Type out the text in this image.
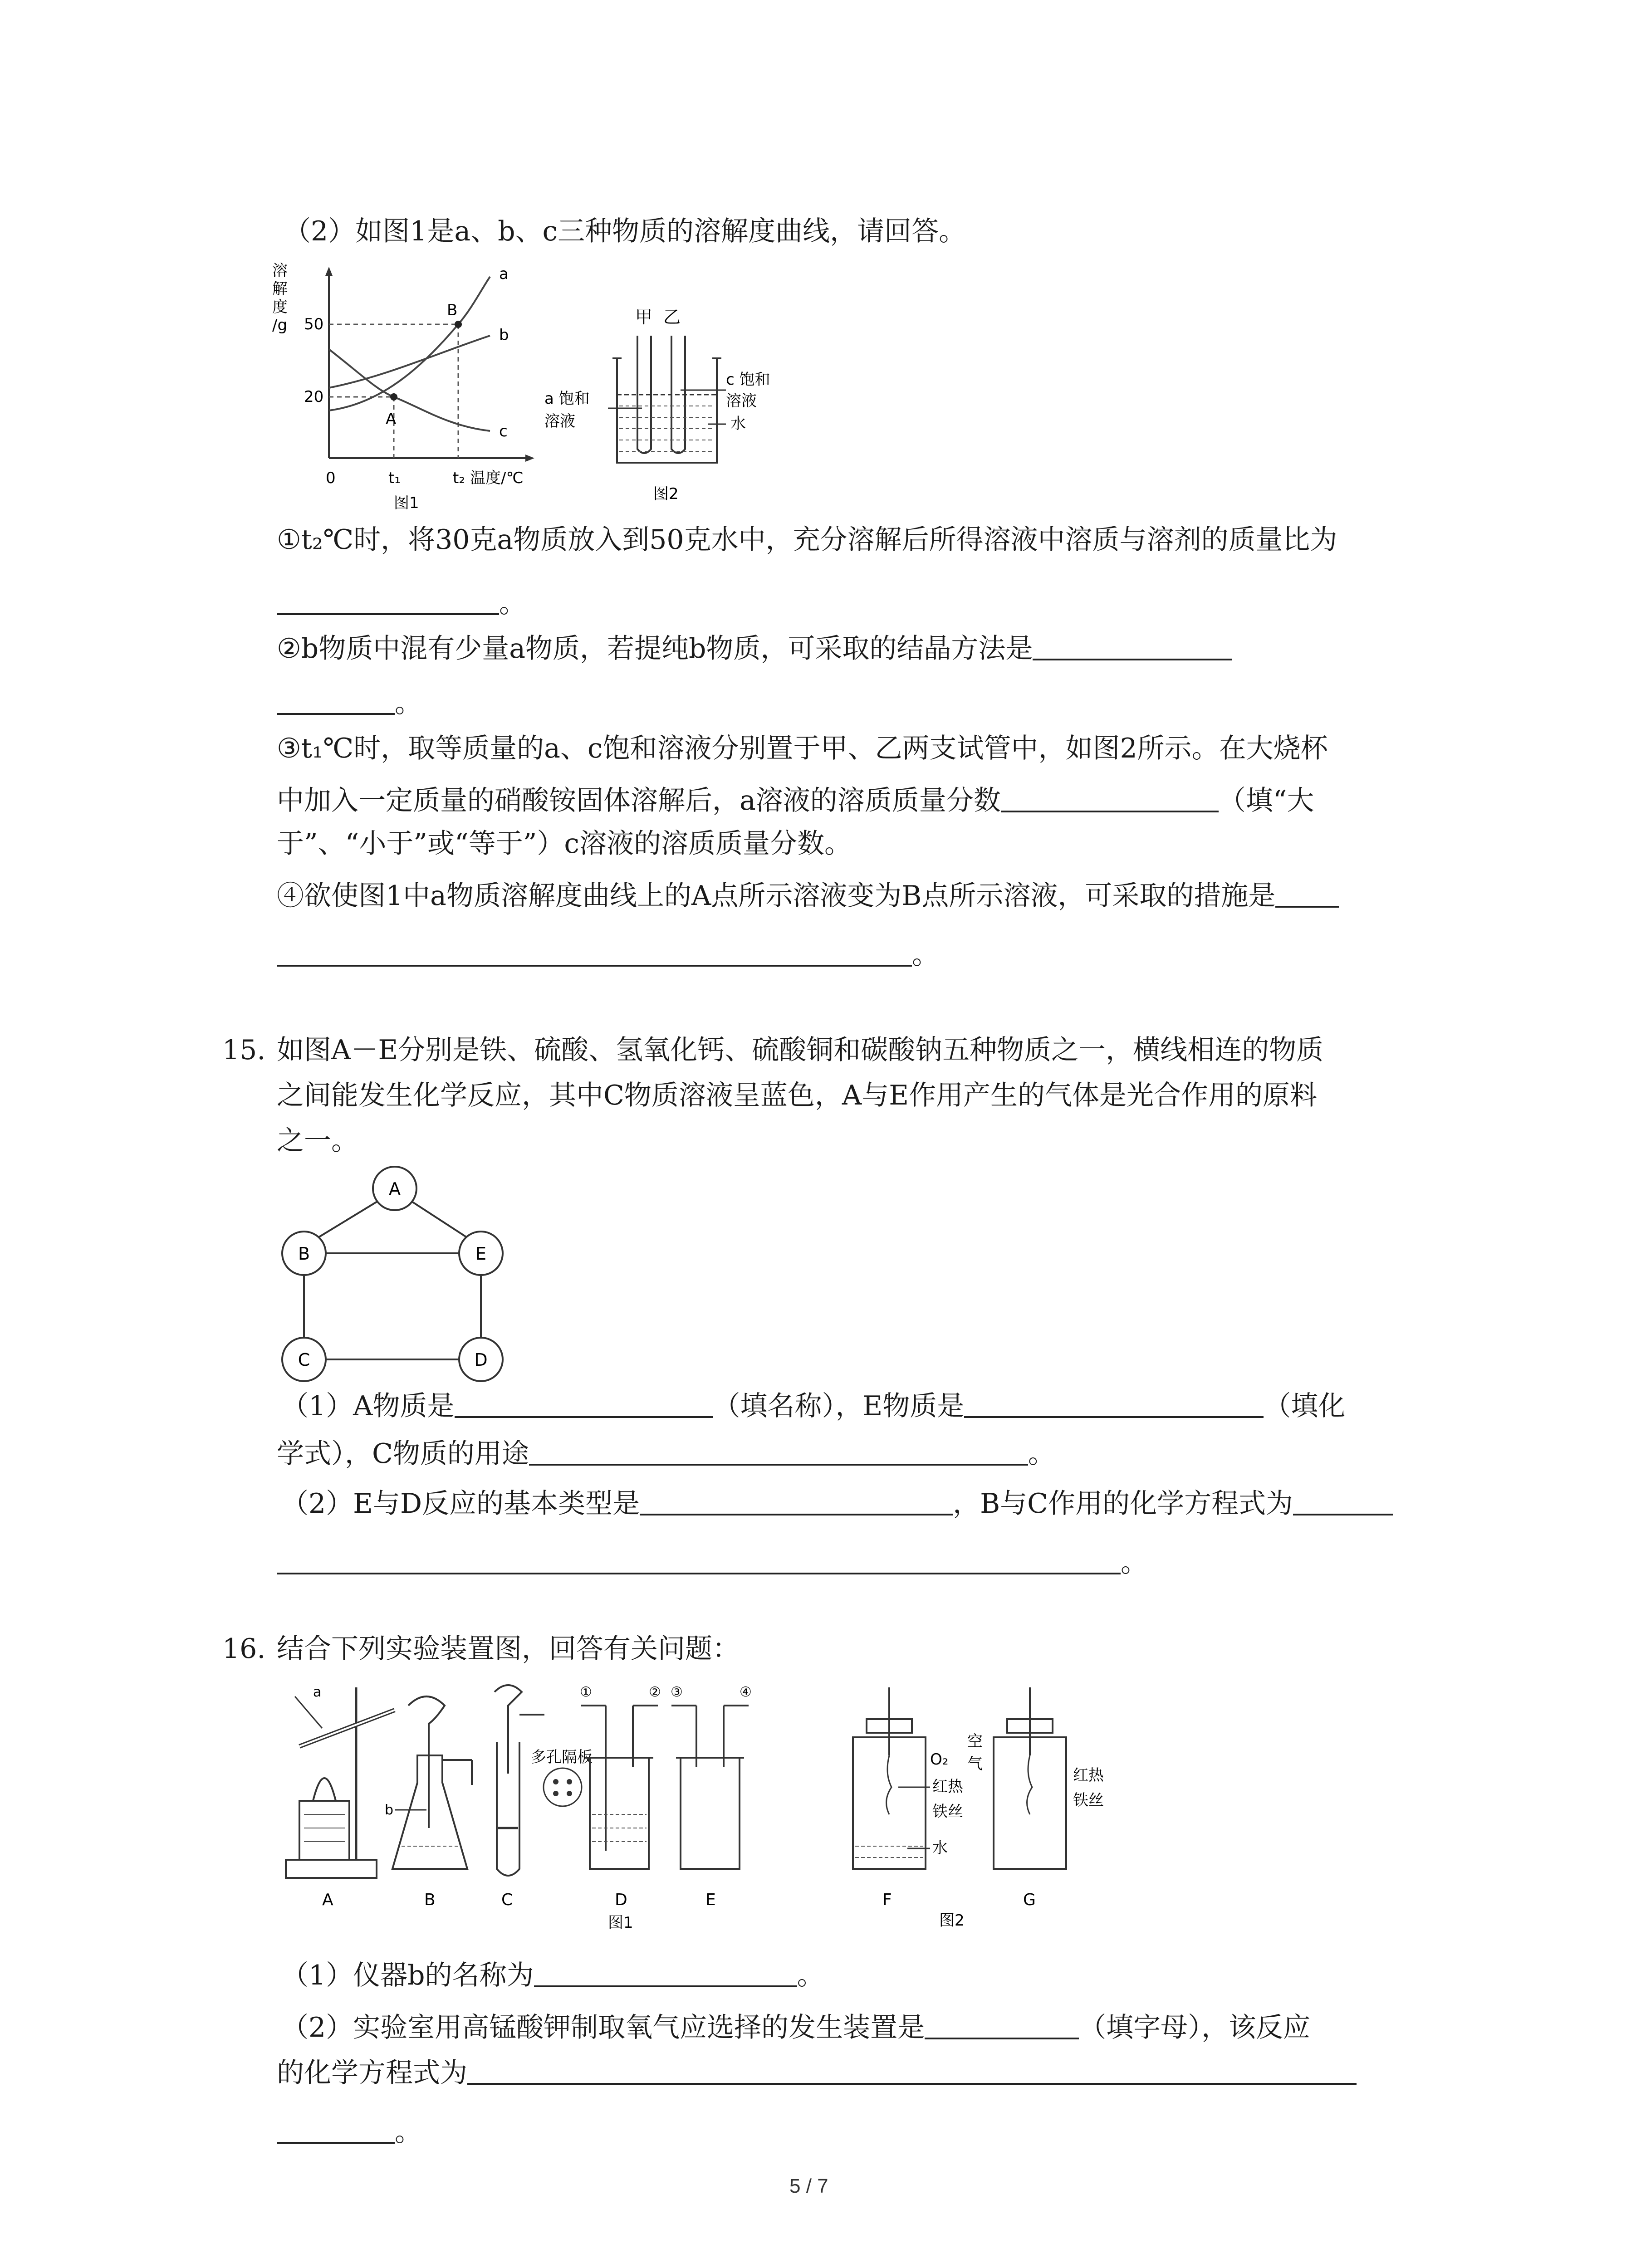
（2）如图1是a、b、c三种物质的溶解度曲线，请回答。
溶
解
度
/g 50
20
0	t₁	t₂ 温度/℃
a
b
c
B
A
图1
甲 乙
a 饱和
溶液
c 饱和
溶液
水
图2
①t₂℃时，将30克a物质放入到50克水中，充分溶解后所得溶液中溶质与溶剂的质量比为
。
②b物质中混有少量a物质，若提纯b物质，可采取的结晶方法是
。
③t₁℃时，取等质量的a、c饱和溶液分别置于甲、乙两支试管中，如图2所示。在大烧杯
中加入一定质量的硝酸铵固体溶解后，a溶液的溶质质量分数	（填“大
于”、“小于”或“等于”）c溶液的溶质质量分数。
④欲使图1中a物质溶解度曲线上的A点所示溶液变为B点所示溶液，可采取的措施是
。
15. 如图A－E分别是铁、硫酸、氢氧化钙、硫酸铜和碳酸钠五种物质之一，横线相连的物质
之间能发生化学反应，其中C物质溶液呈蓝色，A与E作用产生的气体是光合作用的原料
之一。
A
B	E
C	D
（1）A物质是	（填名称），E物质是	（填化
学式），C物质的用途	。
（2）E与D反应的基本类型是	，B与C作用的化学方程式为
。
16. 结合下列实验装置图，回答有关问题：
a
A
b
B
多孔隔板
C
①	②
D
③	④
E
图1
O₂
红热
铁丝
水
F
空
气
红热
铁丝
G
图2
（1）仪器b的名称为	。
（2）实验室用高锰酸钾制取氧气应选择的发生装置是	（填字母），该反应
的化学方程式为
。
5 / 7
